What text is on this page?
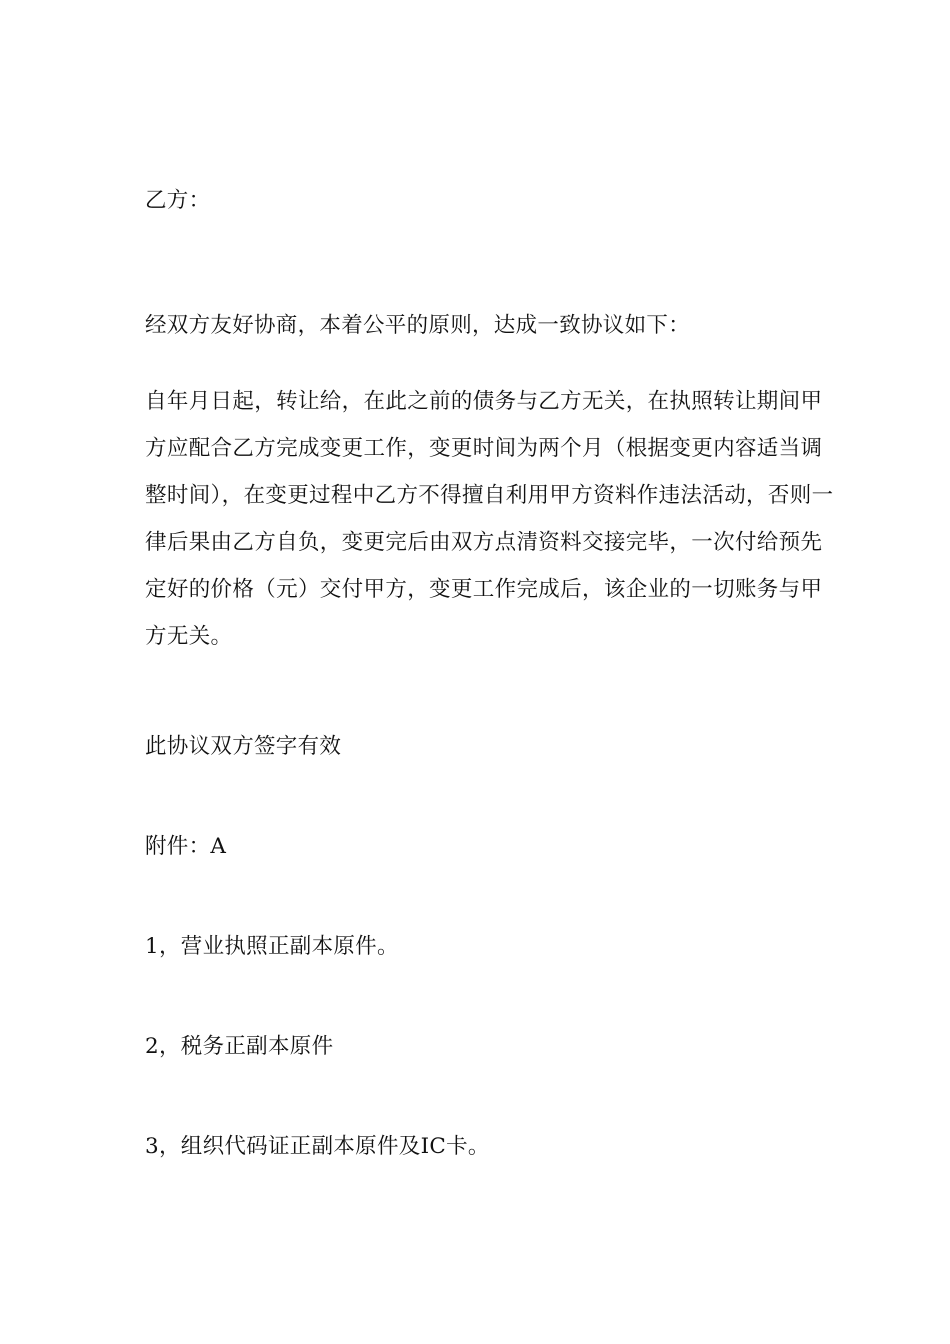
乙方：

经双方友好协商，本着公平的原则，达成一致协议如下：

自年月日起，转让给，在此之前的债务与乙方无关，在执照转让期间甲方应配合乙方完成变更工作，变更时间为两个月（根据变更内容适当调整时间），在变更过程中乙方不得擅自利用甲方资料作违法活动，否则一律后果由乙方自负，变更完后由双方点清资料交接完毕，一次付给预先定好的价格（元）交付甲方，变更工作完成后，该企业的一切账务与甲方无关。

此协议双方签字有效

附件：A

1，营业执照正副本原件。

2，税务正副本原件

3，组织代码证正副本原件及IC卡。
